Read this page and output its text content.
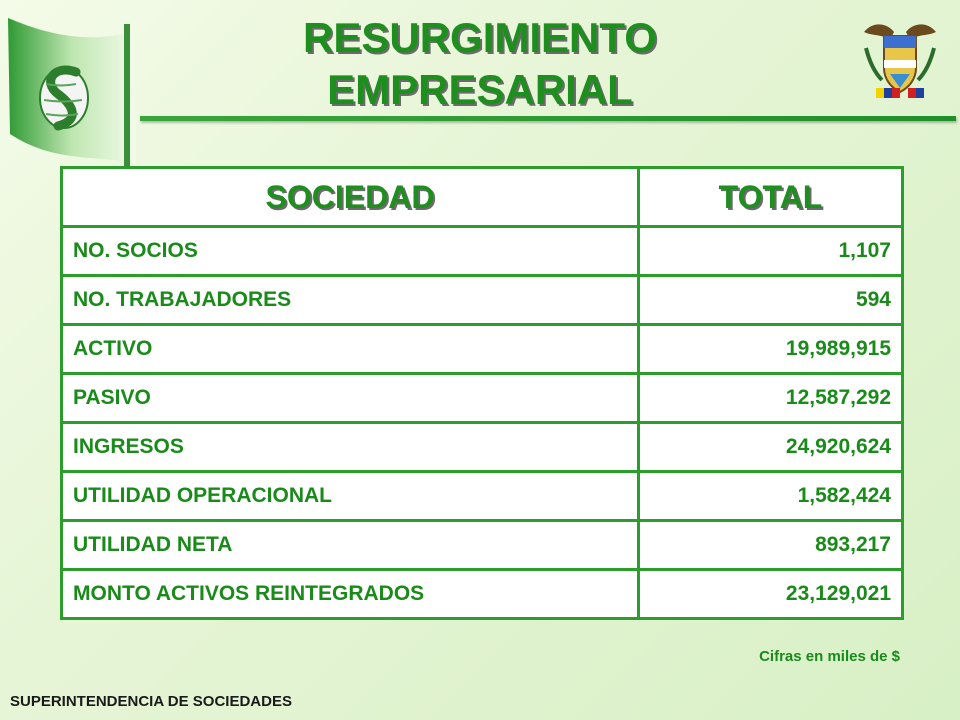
RESURGIMIENTO
EMPRESARIAL
SOCIEDAD	TOTAL
NO. SOCIOS	1,107
NO. TRABAJADORES	594
ACTIVO	19,989,915
PASIVO	12,587,292
INGRESOS	24,920,624
UTILIDAD OPERACIONAL	1,582,424
UTILIDAD NETA	893,217
MONTO ACTIVOS REINTEGRADOS	23,129,021
Cifras en miles de $
SUPERINTENDENCIA DE SOCIEDADES
